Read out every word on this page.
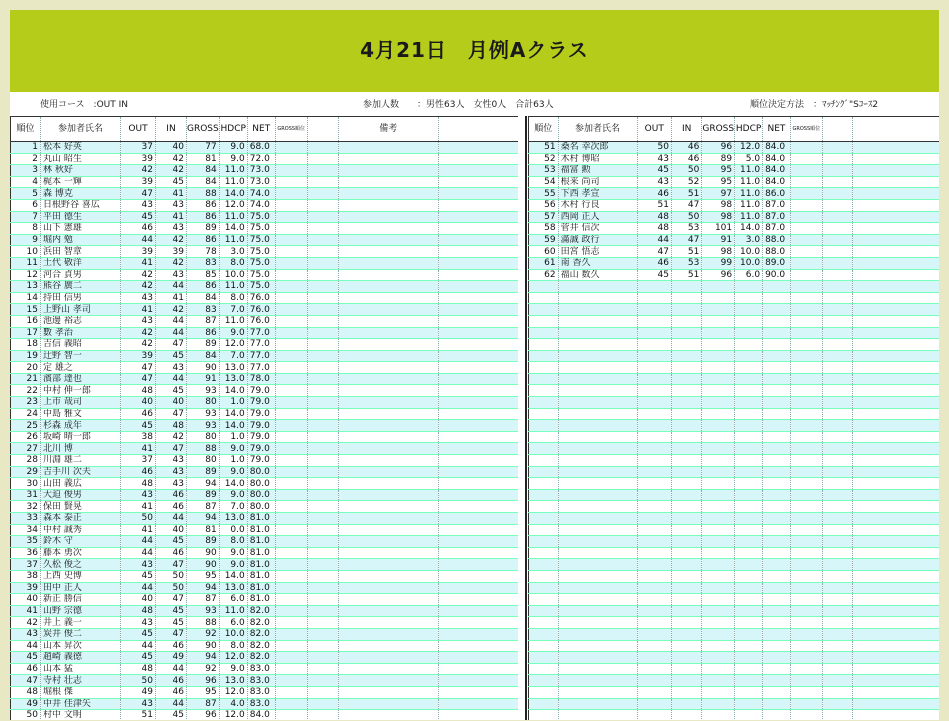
4月21日　月例Aクラス
使用コース　:OUT IN	参加人数　　：男性63人　女性0人　合計63人	順位決定方法　：ﾏｯﾁﾝｸﾞ"Sｺｰｽ2
順位	参加者氏名	OUT	IN	GROSS	HDCP	NET	GROSS順位		備考	
1	松本 好英	37	40	77	9.0	68.0				
2	丸山 昭生	39	42	81	9.0	72.0				
3	林 秋好	42	42	84	11.0	73.0				
4	梶本 一輝	39	45	84	11.0	73.0				
5	森 博克	47	41	88	14.0	74.0				
6	日根野谷 喜広	43	43	86	12.0	74.0				
7	平田 德生	45	41	86	11.0	75.0				
8	山下 憲雄	46	43	89	14.0	75.0				
9	堀内 勉	44	42	86	11.0	75.0				
10	浜田 智章	39	39	78	3.0	75.0				
11	土代 敬洋	41	42	83	8.0	75.0				
12	河合 貞男	42	43	85	10.0	75.0				
13	熊谷 廣二	42	44	86	11.0	75.0				
14	持田 信男	43	41	84	8.0	76.0				
15	上野山 孝司	41	42	83	7.0	76.0				
16	池邊 裕志	43	44	87	11.0	76.0				
17	數 孝治	42	44	86	9.0	77.0				
18	吉信 義昭	42	47	89	12.0	77.0				
19	辻野 智一	39	45	84	7.0	77.0				
20	定 雄之	47	43	90	13.0	77.0				
21	濱部 達也	47	44	91	13.0	78.0				
22	中村 伸一郎	48	45	93	14.0	79.0				
23	上市 哉司	40	40	80	1.0	79.0				
24	中島 雅文	46	47	93	14.0	79.0				
25	杉森 成年	45	48	93	14.0	79.0				
26	坂崎 晴一郎	38	42	80	1.0	79.0				
27	北川 博	41	47	88	9.0	79.0				
28	川淵 雄二	37	43	80	1.0	79.0				
29	吉手川 次夫	46	43	89	9.0	80.0				
30	山田 義広	48	43	94	14.0	80.0				
31	大迫 俊男	43	46	89	9.0	80.0				
32	保田 賢晃	41	46	87	7.0	80.0				
33	森本 泰正	50	44	94	13.0	81.0				
34	中村 誠秀	41	40	81	0.0	81.0				
35	鈴木 守	44	45	89	8.0	81.0				
36	藤本 勇次	44	46	90	9.0	81.0				
37	久松 俊之	43	47	90	9.0	81.0				
38	上西 史博	45	50	95	14.0	81.0				
39	田中 正人	44	50	94	13.0	81.0				
40	新正 勝信	40	47	87	6.0	81.0				
41	山野 宗德	48	45	93	11.0	82.0				
42	井上 義一	43	45	88	6.0	82.0				
43	炭井 俊二	45	47	92	10.0	82.0				
44	山本 昇次	44	46	90	8.0	82.0				
45	趙崎 義徳	45	49	94	12.0	82.0				
46	山本 猛	48	44	92	9.0	83.0				
47	寺村 壮志	50	46	96	13.0	83.0				
48	堀根 傑	49	46	95	12.0	83.0				
49	中井 佳津矢	43	44	87	4.0	83.0				
50	村中 文明	51	45	96	12.0	84.0				
順位	参加者氏名	OUT	IN	GROSS	HDCP	NET	GROSS順位		
51	桑名 幸次郎	50	46	96	12.0	84.0			
52	木村 博昭	43	46	89	5.0	84.0			
53	福富 勲	45	50	95	11.0	84.0			
54	根来 尚司	43	52	95	11.0	84.0			
55	下西 孝宣	46	51	97	11.0	86.0			
56	木村 行良	51	47	98	11.0	87.0			
57	西岡 正人	48	50	98	11.0	87.0			
58	菅井 信次	48	53	101	14.0	87.0			
59	滿誠 政行	44	47	91	3.0	88.0			
60	田宮 悟志	47	51	98	10.0	88.0			
61	南 香久	46	53	99	10.0	89.0			
62	福山 数久	45	51	96	6.0	90.0			
